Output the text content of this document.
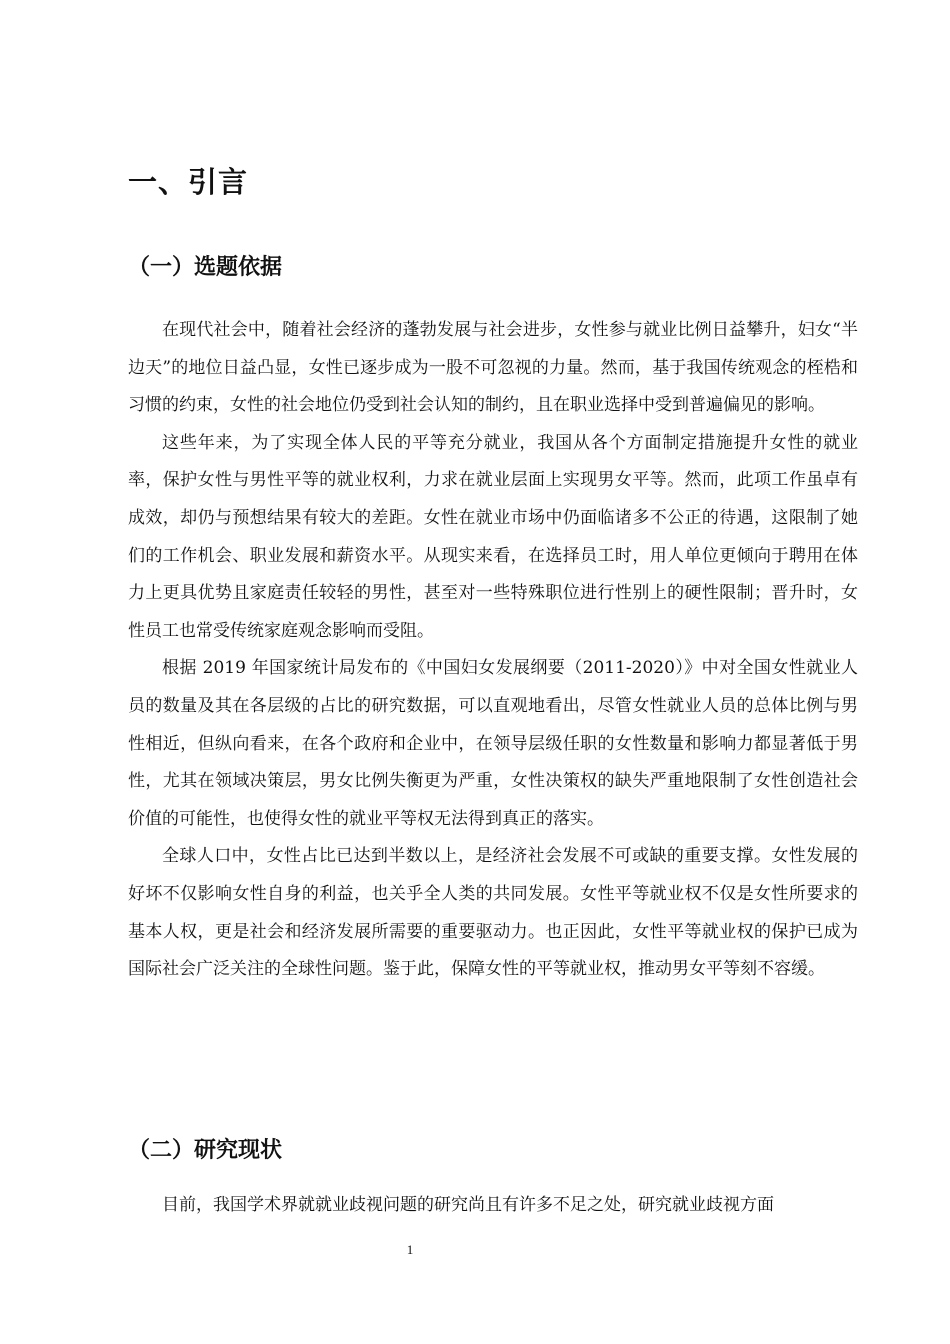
一、引言
（一）选题依据

在现代社会中，随着社会经济的蓬勃发展与社会进步，女性参与就业比例日益攀升，妇女“半边天”的地位日益凸显，女性已逐步成为一股不可忽视的力量。然而，基于我国传统观念的桎梏和习惯的约束，女性的社会地位仍受到社会认知的制约，且在职业选择中受到普遍偏见的影响。

这些年来，为了实现全体人民的平等充分就业，我国从各个方面制定措施提升女性的就业率，保护女性与男性平等的就业权利，力求在就业层面上实现男女平等。然而，此项工作虽卓有成效，却仍与预想结果有较大的差距。女性在就业市场中仍面临诸多不公正的待遇，这限制了她们的工作机会、职业发展和薪资水平。从现实来看，在选择员工时，用人单位更倾向于聘用在体力上更具优势且家庭责任较轻的男性，甚至对一些特殊职位进行性别上的硬性限制；晋升时，女性员工也常受传统家庭观念影响而受阻。

根据 2019 年国家统计局发布的《中国妇女发展纲要（2011-2020）》中对全国女性就业人员的数量及其在各层级的占比的研究数据，可以直观地看出，尽管女性就业人员的总体比例与男性相近，但纵向看来，在各个政府和企业中，在领导层级任职的女性数量和影响力都显著低于男性，尤其在领域决策层，男女比例失衡更为严重，女性决策权的缺失严重地限制了女性创造社会价值的可能性，也使得女性的就业平等权无法得到真正的落实。

全球人口中，女性占比已达到半数以上，是经济社会发展不可或缺的重要支撑。女性发展的好坏不仅影响女性自身的利益，也关乎全人类的共同发展。女性平等就业权不仅是女性所要求的基本人权，更是社会和经济发展所需要的重要驱动力。也正因此，女性平等就业权的保护已成为国际社会广泛关注的全球性问题。鉴于此，保障女性的平等就业权，推动男女平等刻不容缓。

（二）研究现状

目前，我国学术界就就业歧视问题的研究尚且有许多不足之处，研究就业歧视方面

1
